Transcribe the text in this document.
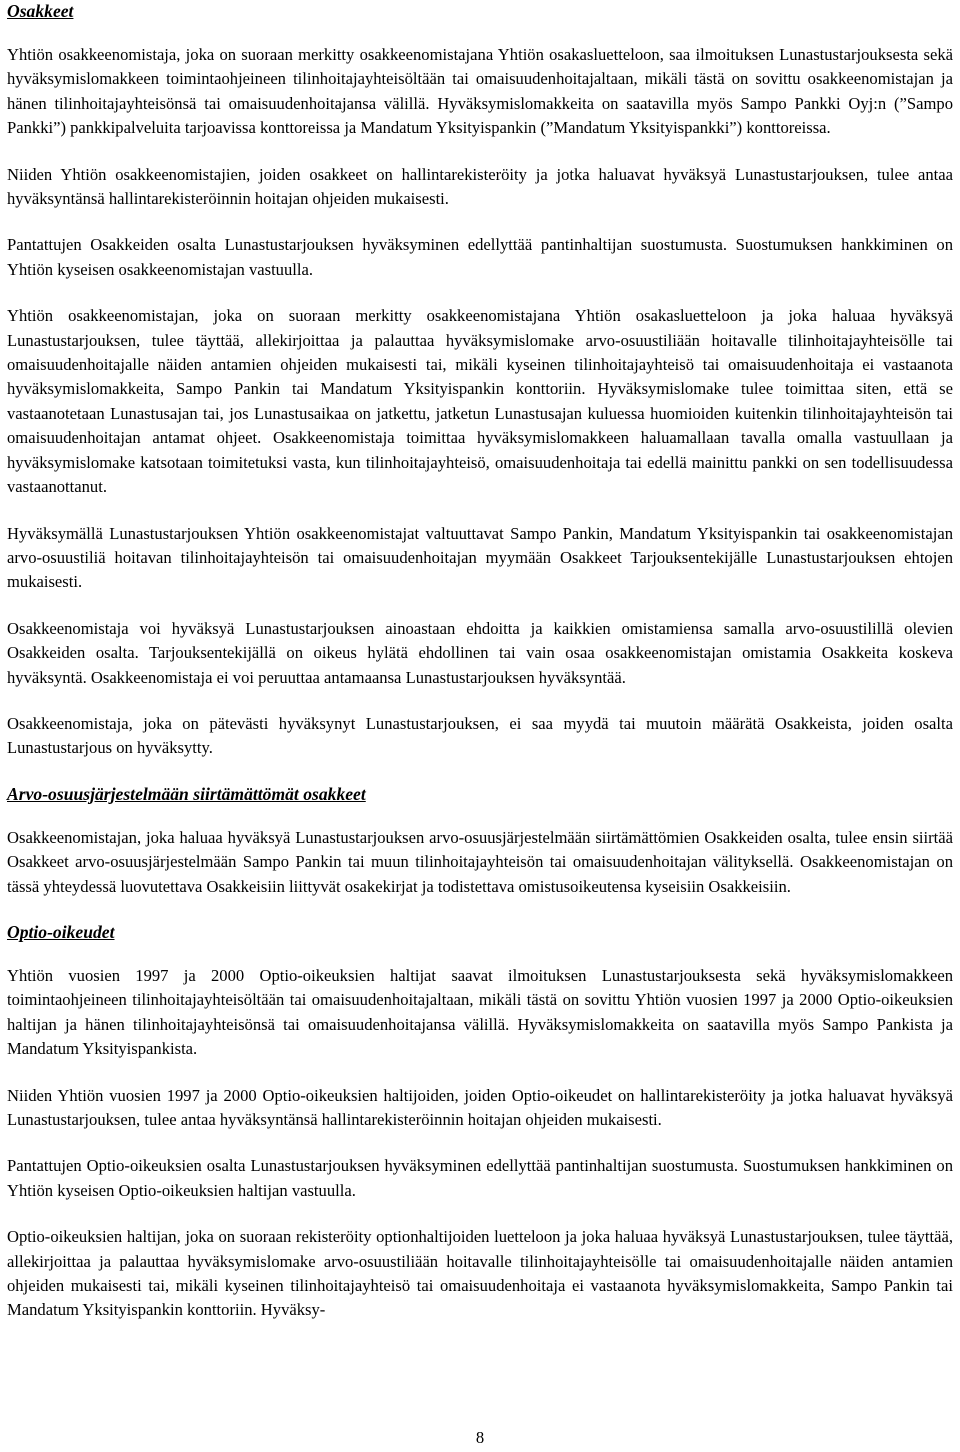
Osakkeet

Yhtiön osakkeenomistaja, joka on suoraan merkitty osakkeenomistajana Yhtiön osakasluetteloon, saa ilmoituksen Lunastustarjouksesta sekä hyväksymislomakkeen toimintaohjeineen tilinhoitajayhteisöltään tai omaisuudenhoitajaltaan, mikäli tästä on sovittu osakkeenomistajan ja hänen tilinhoitajayhteisönsä tai omaisuudenhoitajansa välillä. Hyväksymislomakkeita on saatavilla myös Sampo Pankki Oyj:n (”Sampo Pankki”) pankkipalveluita tarjoavissa konttoreissa ja Mandatum Yksityispankin (”Mandatum Yksityispankki”) konttoreissa.

Niiden Yhtiön osakkeenomistajien, joiden osakkeet on hallintarekisteröity ja jotka haluavat hyväksyä Lunastustarjouksen, tulee antaa hyväksyntänsä hallintarekisteröinnin hoitajan ohjeiden mukaisesti.

Pantattujen Osakkeiden osalta Lunastustarjouksen hyväksyminen edellyttää pantinhaltijan suostumusta. Suostumuksen hankkiminen on Yhtiön kyseisen osakkeenomistajan vastuulla.

Yhtiön osakkeenomistajan, joka on suoraan merkitty osakkeenomistajana Yhtiön osakasluetteloon ja joka haluaa hyväksyä Lunastustarjouksen, tulee täyttää, allekirjoittaa ja palauttaa hyväksymislomake arvo-osuustiliään hoitavalle tilinhoitajayhteisölle tai omaisuudenhoitajalle näiden antamien ohjeiden mukaisesti tai, mikäli kyseinen tilinhoitajayhteisö tai omaisuudenhoitaja ei vastaanota hyväksymislomakkeita, Sampo Pankin tai Mandatum Yksityispankin konttoriin. Hyväksymislomake tulee toimittaa siten, että se vastaanotetaan Lunastusajan tai, jos Lunastusaikaa on jatkettu, jatketun Lunastusajan kuluessa huomioiden kuitenkin tilinhoitajayhteisön tai omaisuudenhoitajan antamat ohjeet. Osakkeenomistaja toimittaa hyväksymislomakkeen haluamallaan tavalla omalla vastuullaan ja hyväksymislomake katsotaan toimitetuksi vasta, kun tilinhoitajayhteisö, omaisuudenhoitaja tai edellä mainittu pankki on sen todellisuudessa vastaanottanut.

Hyväksymällä Lunastustarjouksen Yhtiön osakkeenomistajat valtuuttavat Sampo Pankin, Mandatum Yksityispankin tai osakkeenomistajan arvo-osuustiliä hoitavan tilinhoitajayhteisön tai omaisuudenhoitajan myymään Osakkeet Tarjouksentekijälle Lunastustarjouksen ehtojen mukaisesti.

Osakkeenomistaja voi hyväksyä Lunastustarjouksen ainoastaan ehdoitta ja kaikkien omistamiensa samalla arvo-osuustilillä olevien Osakkeiden osalta. Tarjouksentekijällä on oikeus hylätä ehdollinen tai vain osaa osakkeenomistajan omistamia Osakkeita koskeva hyväksyntä. Osakkeenomistaja ei voi peruuttaa antamaansa Lunastustarjouksen hyväksyntää.

Osakkeenomistaja, joka on pätevästi hyväksynyt Lunastustarjouksen, ei saa myydä tai muutoin määrätä Osakkeista, joiden osalta Lunastustarjous on hyväksytty.

Arvo-osuusjärjestelmään siirtämättömät osakkeet

Osakkeenomistajan, joka haluaa hyväksyä Lunastustarjouksen arvo-osuusjärjestelmään siirtämättömien Osakkeiden osalta, tulee ensin siirtää Osakkeet arvo-osuusjärjestelmään Sampo Pankin tai muun tilinhoitajayhteisön tai omaisuudenhoitajan välityksellä. Osakkeenomistajan on tässä yhteydessä luovutettava Osakkeisiin liittyvät osakekirjat ja todistettava omistusoikeutensa kyseisiin Osakkeisiin.

Optio-oikeudet

Yhtiön vuosien 1997 ja 2000 Optio-oikeuksien haltijat saavat ilmoituksen Lunastustarjouksesta sekä hyväksymislomakkeen toimintaohjeineen tilinhoitajayhteisöltään tai omaisuudenhoitajaltaan, mikäli tästä on sovittu Yhtiön vuosien 1997 ja 2000 Optio-oikeuksien haltijan ja hänen tilinhoitajayhteisönsä tai omaisuudenhoitajansa välillä. Hyväksymislomakkeita on saatavilla myös Sampo Pankista ja Mandatum Yksityispankista.

Niiden Yhtiön vuosien 1997 ja 2000 Optio-oikeuksien haltijoiden, joiden Optio-oikeudet on hallintarekisteröity ja jotka haluavat hyväksyä Lunastustarjouksen, tulee antaa hyväksyntänsä hallintarekisteröinnin hoitajan ohjeiden mukaisesti.

Pantattujen Optio-oikeuksien osalta Lunastustarjouksen hyväksyminen edellyttää pantinhaltijan suostumusta. Suostumuksen hankkiminen on Yhtiön kyseisen Optio-oikeuksien haltijan vastuulla.

Optio-oikeuksien haltijan, joka on suoraan rekisteröity optionhaltijoiden luetteloon ja joka haluaa hyväksyä Lunastustarjouksen, tulee täyttää, allekirjoittaa ja palauttaa hyväksymislomake arvo-osuustiliään hoitavalle tilinhoitajayhteisölle tai omaisuudenhoitajalle näiden antamien ohjeiden mukaisesti tai, mikäli kyseinen tilinhoitajayhteisö tai omaisuudenhoitaja ei vastaanota hyväksymislomakkeita, Sampo Pankin tai Mandatum Yksityispankin konttoriin. Hyväksy-

8
